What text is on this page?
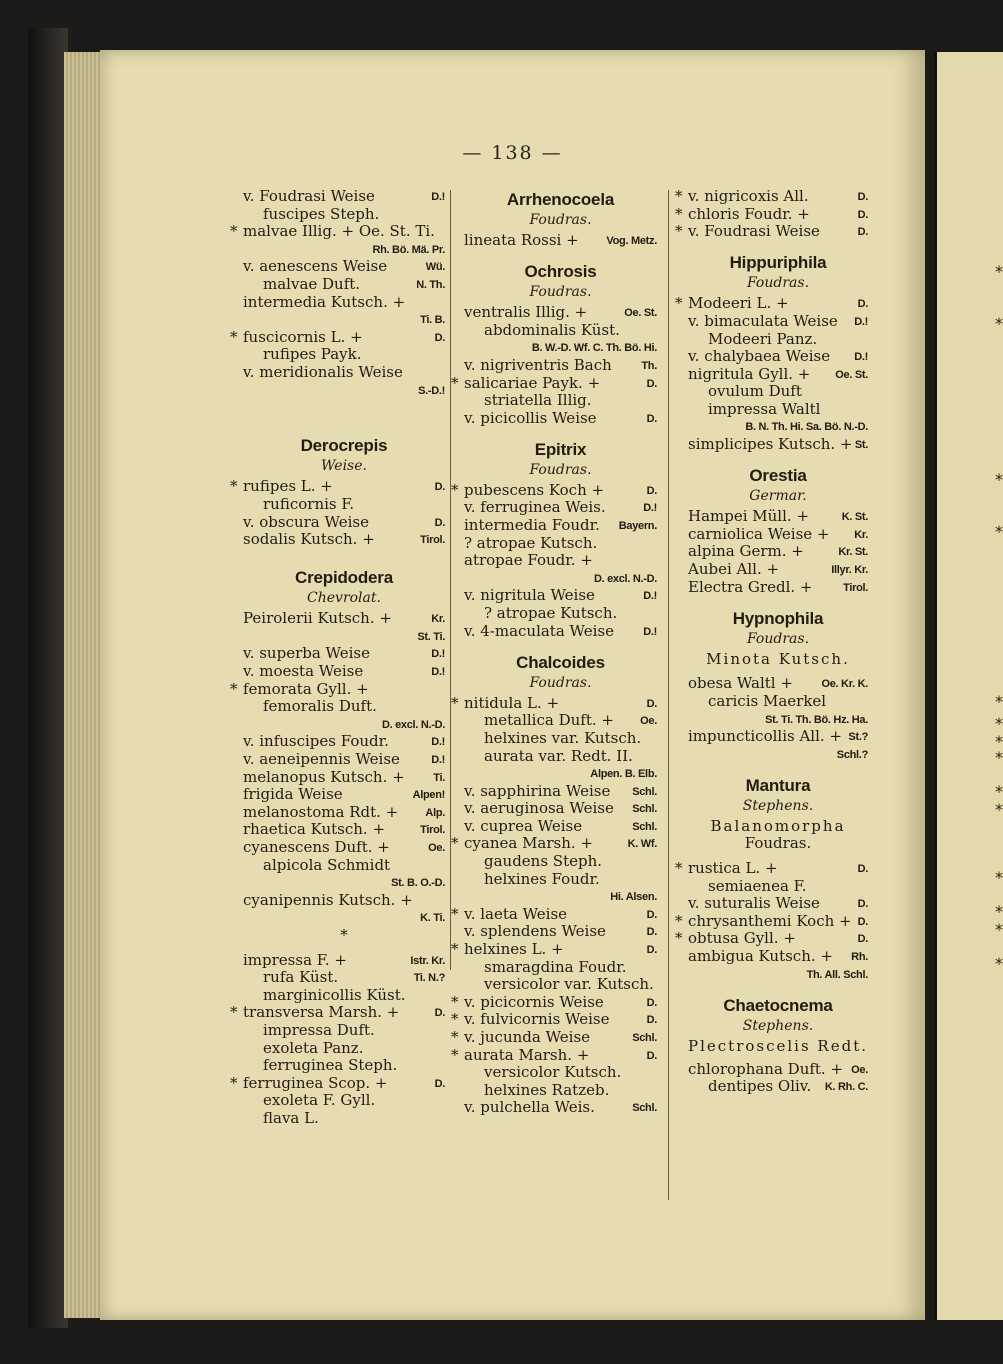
— 138 —
v. Foudrasi Weise	D.!
fuscipes Steph.
* malvae Illig. + Oe. St. Ti.
Rh. Bö. Mä. Pr.
v. aenescens Weise	Wü.
malvae Duft.	N. Th.
intermedia Kutsch. +
Ti. B.
* fuscicornis L. +	D.
rufipes Payk.
v. meridionalis Weise
S.-D.!
Derocrepis
Weise.
* rufipes L. +	D.
ruficornis F.
v. obscura Weise	D.
sodalis Kutsch. +	Tirol.
Crepidodera
Chevrolat.
Peirolerii Kutsch. +	Kr.
St. Ti.
v. superba Weise	D.!
v. moesta Weise	D.!
* femorata Gyll. +
femoralis Duft.
D. excl. N.-D.
v. infuscipes Foudr.	D.!
v. aeneipennis Weise	D.!
melanopus Kutsch. +	Ti.
frigida Weise	Alpen!
melanostoma Rdt. + Alp.
rhaetica Kutsch. +	Tirol.
cyanescens Duft. +	Oe.
alpicola Schmidt
St. B. O.-D.
cyanipennis Kutsch. +
K. Ti.
*
impressa F. +	Istr. Kr.
rufa Küst.	Ti. N.?
marginicollis Küst.
* transversa Marsh. +	D.
impressa Duft.
exoleta Panz.
ferruginea Steph.
* ferruginea Scop. +	D.
exoleta F. Gyll.
flava L.
Arrhenocoela
Foudras.
lineata Rossi +	Vog. Metz.
Ochrosis
Foudras.
ventralis Illig. +	Oe. St.
abdominalis Küst.
B. W.-D. Wf. C. Th. Bö. Hi.
v. nigriventris Bach	Th.
* salicariae Payk. +	D.
striatella Illig.
v. picicollis Weise	D.
Epitrix
Foudras.
* pubescens Koch +	D.
v. ferruginea Weis.	D.!
intermedia Foudr. Bayern.
? atropae Kutsch.
atropae Foudr. +
D. excl. N.-D.
v. nigritula Weise	D.!
? atropae Kutsch.
v. 4-maculata Weise	D.!
Chalcoides
Foudras.
* nitidula L. +	D.
metallica Duft. + Oe.
helxines var. Kutsch.
aurata var. Redt. II.
Alpen. B. Elb.
v. sapphirina Weise Schl.
v. aeruginosa Weise Schl.
v. cuprea Weise	Schl.
* cyanea Marsh. +	K. Wf.
gaudens Steph.
helxines Foudr.
Hi. Alsen.
* v. laeta Weise	D.
v. splendens Weise	D.
* helxines L. +	D.
smaragdina Foudr.
versicolor var. Kutsch.
* v. picicornis Weise	D.
* v. fulvicornis Weise	D.
* v. jucunda Weise	Schl.
* aurata Marsh. +	D.
versicolor Kutsch.
helxines Ratzeb.
v. pulchella Weis.	Schl.
* v. nigricoxis All.	D.
* chloris Foudr. +	D.
* v. Foudrasi Weise	D.
Hippuriphila
Foudras.
* Modeeri L. +	D.
v. bimaculata Weise D.!
Modeeri Panz.
v. chalybaea Weise D.!
nigritula Gyll. + Oe. St.
ovulum Duft
impressa Waltl
B. N. Th. Hi. Sa. Bö. N.-D.
simplicipes Kutsch. + St.
Orestia
Germar.
Hampei Müll. +	K. St.
carniolica Weise + Kr.
alpina Germ. +	Kr. St.
Aubei All. +	Illyr. Kr.
Electra Gredl. +	Tirol.
Hypnophila
Foudras.
Minota Kutsch.
obesa Waltl +	Oe. Kr. K.
caricis Maerkel
St. Ti. Th. Bö. Hz. Ha.
impuncticollis All. + St.?
Schl.?
Mantura
Stephens.
Balanomorpha
Foudras.
* rustica L. +	D.
semiaenea F.
v. suturalis Weise	D.
* chrysanthemi Koch + D.
* obtusa Gyll. +	D.
ambigua Kutsch. + Rh.
Th. All. Schl.
Chaetocnema
Stephens.
Plectroscelis Redt.
chlorophana Duft. + Oe.
dentipes Oliv. K. Rh. C.
*
*
*
*
*
*
*
*
*
*
*
*
*
*
